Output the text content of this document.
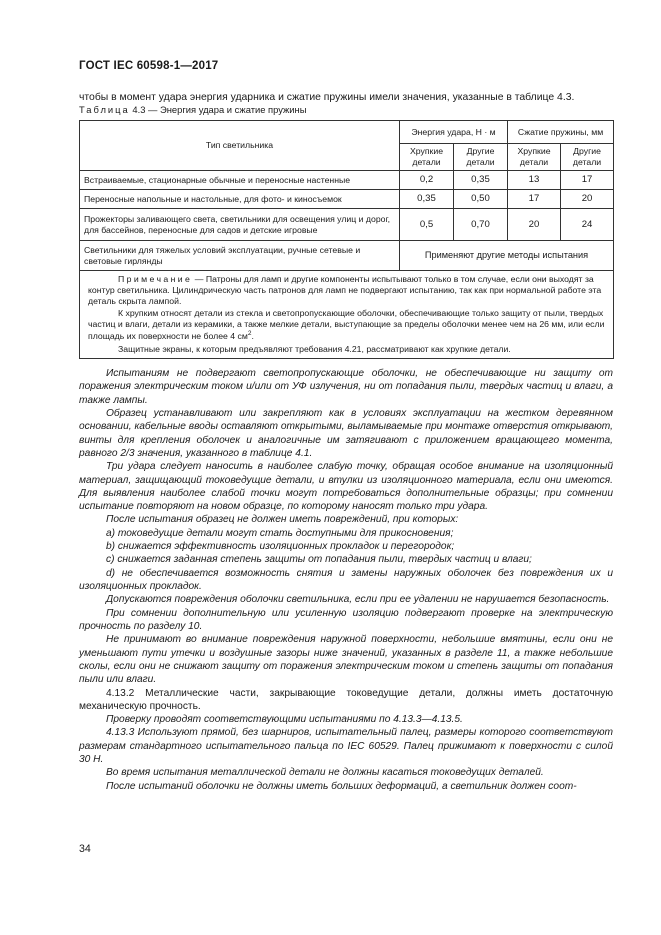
ГОСТ IEC 60598-1—2017
чтобы в момент удара энергия ударника и сжатие пружины имели значения, указанные в таблице 4.3.
Таблица 4.3 — Энергия удара и сжатие пружины
Тип светильника	Энергия удара, Н · м		Сжатие пружины, мм	
	Хрупкие детали	Другие детали	Хрупкие детали	Другие детали
Встраиваемые, стационарные обычные и переносные настенные	0,2	0,35	13	17
Переносные напольные и настольные, для фото- и киносъемок	0,35	0,50	17	20
Прожекторы заливающего света, светильники для освещения улиц и дорог, для бассейнов, переносные для садов и детские игровые	0,5	0,70	20	24
Светильники для тяжелых условий эксплуатации, ручные сетевые и световые гирлянды	Применяют другие методы испытания			

Примечание — Патроны для ламп и другие компоненты испытывают только в том случае, если они выходят за контур светильника. Цилиндрическую часть патронов для ламп не подвергают испытанию, так как при нормальной работе эта деталь скрыта лампой.

К хрупким относят детали из стекла и светопропускающие оболочки, обеспечивающие только защиту от пыли, твердых частиц и влаги, детали из керамики, а также мелкие детали, выступающие за пределы оболочки менее чем на 26 мм, или если площадь их поверхности не более 4 $см^2$.

Защитные экраны, к которым предъявляют требования 4.21, рассматривают как хрупкие детали.				

Испытаниям не подвергают светопропускающие оболочки, не обеспечивающие ни защиту от поражения электрическим током и/или от УФ излучения, ни от попадания пыли, твердых частиц и влаги, а также лампы.

Образец устанавливают или закрепляют как в условиях эксплуатации на жестком деревянном основании, кабельные вводы оставляют открытыми, выламываемые при монтаже отверстия открывают, винты для крепления оболочек и аналогичные им затягивают с приложением вращающего момента, равного 2/3 значения, указанного в таблице 4.1.

Три удара следует наносить в наиболее слабую точку, обращая особое внимание на изоляционный материал, защищающий токоведущие детали, и втулки из изоляционного материала, если они имеются. Для выявления наиболее слабой точки могут потребоваться дополнительные образцы; при сомнении испытание повторяют на новом образце, по которому наносят только три удара.

После испытания образец не должен иметь повреждений, при которых:

a) токоведущие детали могут стать доступными для прикосновения;

b) снижается эффективность изоляционных прокладок и перегородок;

c) снижается заданная степень защиты от попадания пыли, твердых частиц и влаги;

d) не обеспечивается возможность снятия и замены наружных оболочек без повреждения их и изоляционных прокладок.

Допускаются повреждения оболочки светильника, если при ее удалении не нарушается безопасность.

При сомнении дополнительную или усиленную изоляцию подвергают проверке на электрическую прочность по разделу 10.

Не принимают во внимание повреждения наружной поверхности, небольшие вмятины, если они не уменьшают пути утечки и воздушные зазоры ниже значений, указанных в разделе 11, а также небольшие сколы, если они не снижают защиту от поражения электрическим током и степень защиты от попадания пыли или влаги.

4.13.2 Металлические части, закрывающие токоведущие детали, должны иметь достаточную механическую прочность.

Проверку проводят соответствующими испытаниями по 4.13.3—4.13.5.

4.13.3 Используют прямой, без шарниров, испытательный палец, размеры которого соответствуют размерам стандартного испытательного пальца по IEC 60529. Палец прижимают к поверхности с силой 30 Н.

Во время испытания металлической детали не должны касаться токоведущих деталей.

После испытаний оболочки не должны иметь больших деформаций, а светильник должен соот-

34
